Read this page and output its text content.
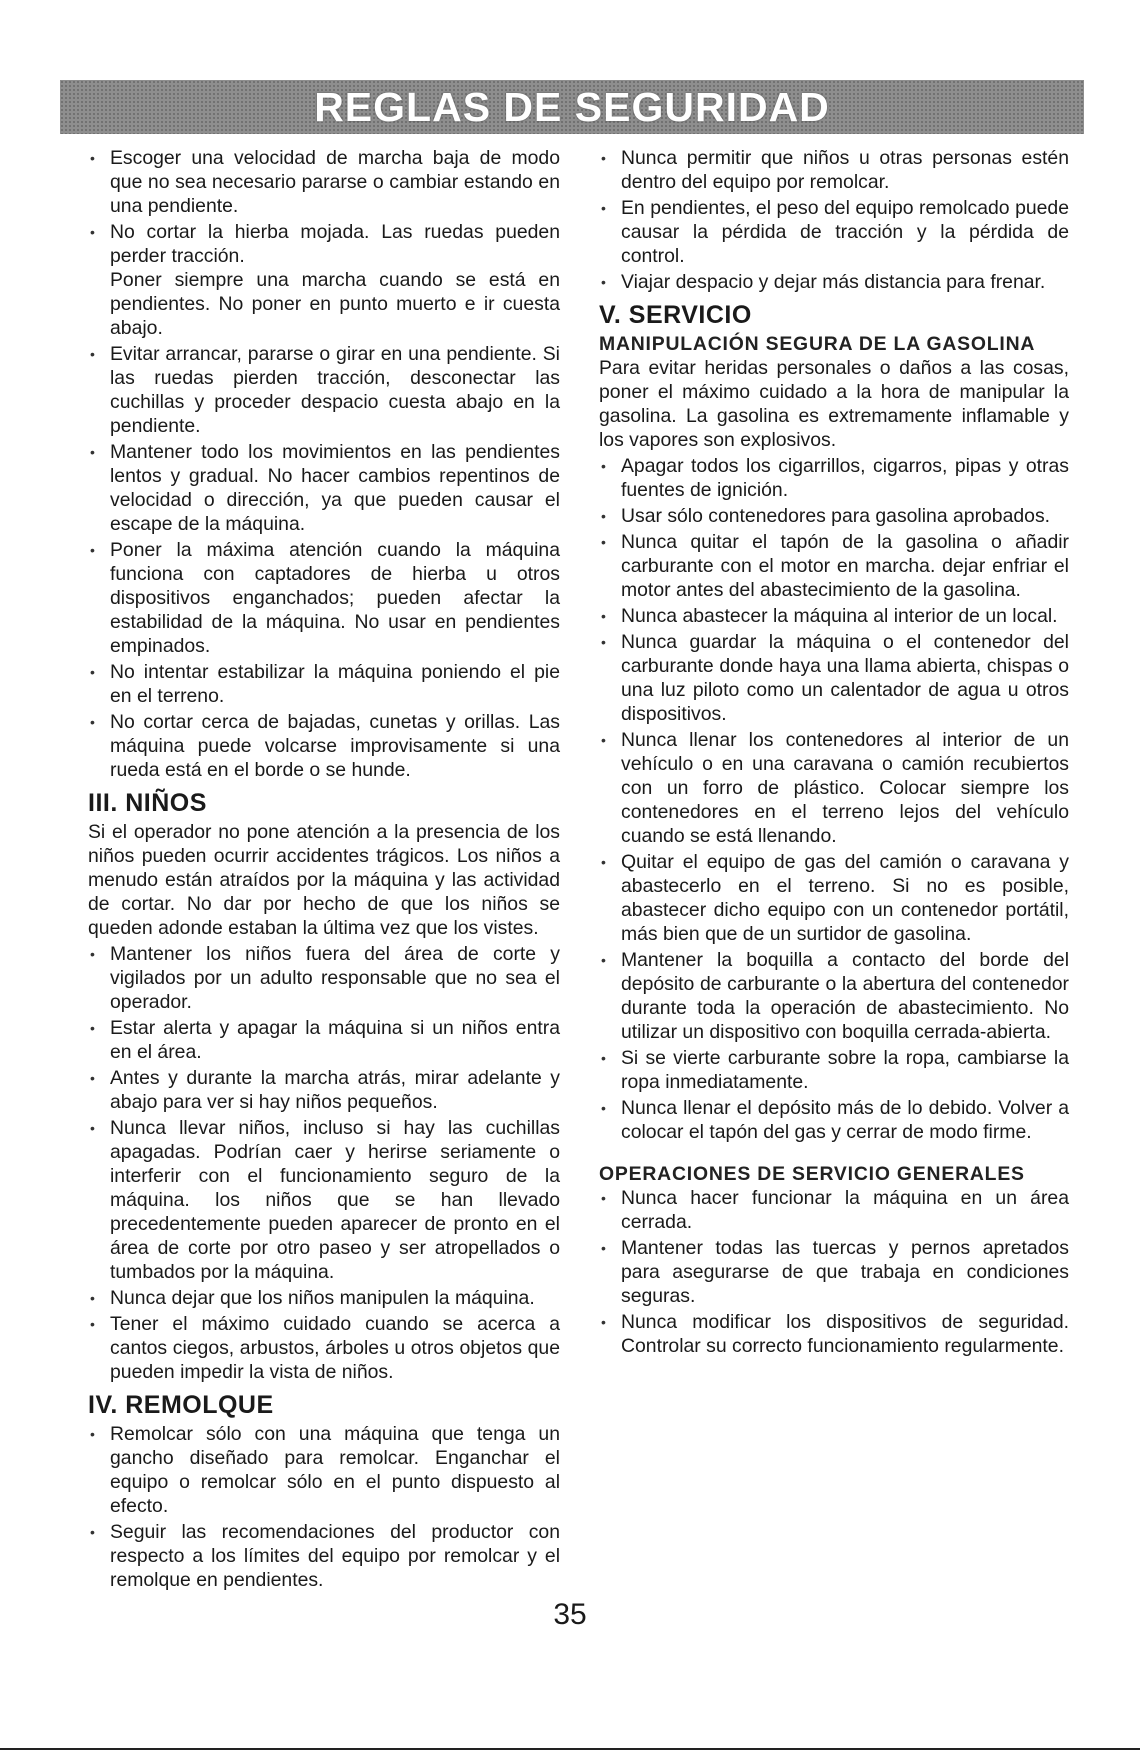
REGLAS DE SEGURIDAD
• Escoger una velocidad de marcha baja de modo que no sea necesario pararse o cambiar estando en una pendiente.
• No cortar la hierba mojada. Las ruedas pueden perder tracción.
Poner siempre una marcha cuando se está en pendientes. No poner en punto muerto e ir cuesta abajo.
• Evitar arrancar, pararse o girar en una pendiente. Si las ruedas pierden tracción, desconectar las cuchillas y proceder despacio cuesta abajo en la pendiente.
• Mantener todo los movimientos en las pendientes lentos y gradual. No hacer cambios repentinos de velocidad o dirección, ya que pueden causar el escape de la máquina.
• Poner la máxima atención cuando la máquina funciona con captadores de hierba u otros dispositivos enganchados; pueden afectar la estabilidad de la máquina. No usar en pendientes empinados.
• No intentar estabilizar la máquina poniendo el pie en el terreno.
• No cortar cerca de bajadas, cunetas y orillas. Las máquina puede volcarse improvisamente si una rueda está en el borde o se hunde.
III. NIÑOS

Si el operador no pone atención a la presencia de los niños pueden ocurrir accidentes trágicos. Los niños a menudo están atraídos por la máquina y las actividad de cortar. No dar por hecho de que los niños se queden adonde estaban la última vez que los vistes.

• Mantener los niños fuera del área de corte y vigilados por un adulto responsable que no sea el operador.
• Estar alerta y apagar la máquina si un niños entra en el área.
• Antes y durante la marcha atrás, mirar adelante y abajo para ver si hay niños pequeños.
• Nunca llevar niños, incluso si hay las cuchillas apagadas. Podrían caer y herirse seriamente o interferir con el funcionamiento seguro de la máquina. los niños que se han llevado precedentemente pueden aparecer de pronto en el área de corte por otro paseo y ser atropellados o tumbados por la máquina.
• Nunca dejar que los niños manipulen la máquina.
• Tener el máximo cuidado cuando se acerca a cantos ciegos, arbustos, árboles u otros objetos que pueden impedir la vista de niños.
IV. REMOLQUE
• Remolcar sólo con una máquina que tenga un gancho diseñado para remolcar. Enganchar el equipo o remolcar sólo en el punto dispuesto al efecto.
• Seguir las recomendaciones del productor con respecto a los límites del equipo por remolcar y el remolque en pendientes.
• Nunca permitir que niños u otras personas estén dentro del equipo por remolcar.
• En pendientes, el peso del equipo remolcado puede causar la pérdida de tracción y la pérdida de control.
• Viajar despacio y dejar más distancia para frenar.
V. SERVICIO
MANIPULACIÓN SEGURA DE LA GASOLINA

Para evitar heridas personales o daños a las cosas, poner el máximo cuidado a la hora de manipular la gasolina. La gasolina es extremamente inflamable y los vapores son explosivos.

• Apagar todos los cigarrillos, cigarros, pipas y otras fuentes de ignición.
• Usar sólo contenedores para gasolina aprobados.
• Nunca quitar el tapón de la gasolina o añadir carburante con el motor en marcha. dejar enfriar el motor antes del abastecimiento de la gasolina.
• Nunca abastecer la máquina al interior de un local.
• Nunca guardar la máquina o el contenedor del carburante donde haya una llama abierta, chispas o una luz piloto como un calentador de agua u otros dispositivos.
• Nunca llenar los contenedores al interior de un vehículo o en una caravana o camión recubiertos con un forro de plástico. Colocar siempre los contenedores en el terreno lejos del vehículo cuando se está llenando.
• Quitar el equipo de gas del camión o caravana y abastecerlo en el terreno. Si no es posible, abastecer dicho equipo con un contenedor portátil, más bien que de un surtidor de gasolina.
• Mantener la boquilla a contacto del borde del depósito de carburante o la abertura del contenedor durante toda la operación de abastecimiento. No utilizar un dispositivo con boquilla cerrada-abierta.
• Si se vierte carburante sobre la ropa, cambiarse la ropa inmediatamente.
• Nunca llenar el depósito más de lo debido. Volver a colocar el tapón del gas y cerrar de modo firme.
OPERACIONES DE SERVICIO GENERALES
• Nunca hacer funcionar la máquina en un área cerrada.
• Mantener todas las tuercas y pernos apretados para asegurarse de que trabaja en condiciones seguras.
• Nunca modificar los dispositivos de seguridad. Controlar su correcto funcionamiento regularmente.
35
